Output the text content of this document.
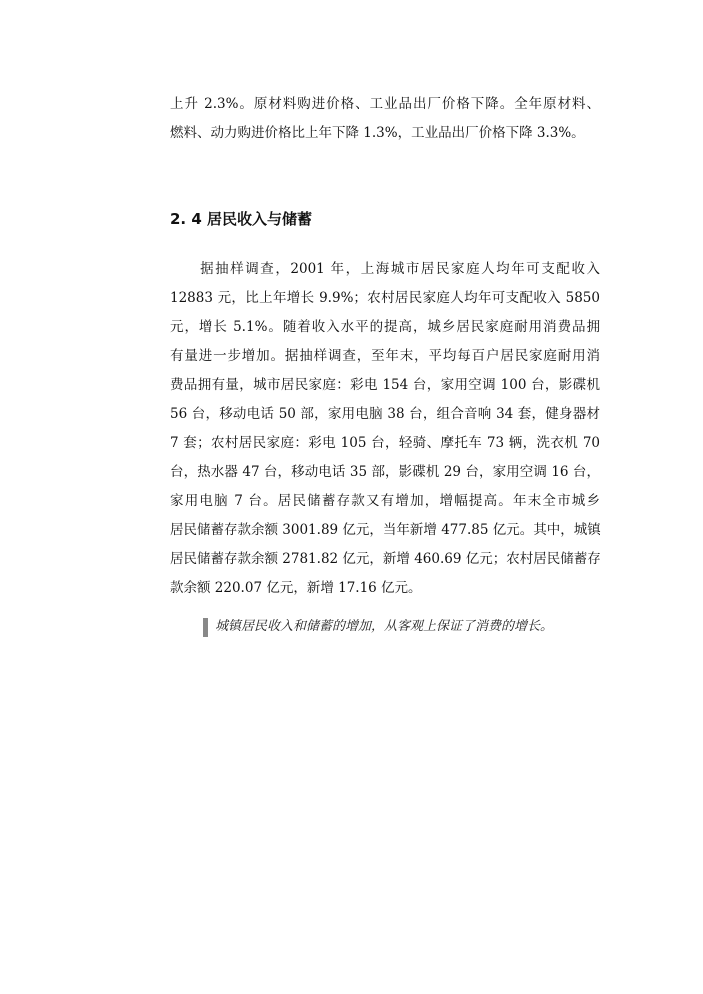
上升 2.3%。原材料购进价格、工业品出厂价格下降。全年原材料、
燃料、动力购进价格比上年下降 1.3%，工业品出厂价格下降 3.3%。
2. 4 居民收入与储蓄
　　据抽样调查，2001 年，上海城市居民家庭人均年可支配收入
12883 元，比上年增长 9.9%；农村居民家庭人均年可支配收入 5850
元，增长 5.1%。随着收入水平的提高，城乡居民家庭耐用消费品拥
有量进一步增加。据抽样调查，至年末，平均每百户居民家庭耐用消
费品拥有量，城市居民家庭：彩电 154 台，家用空调 100 台，影碟机
56 台，移动电话 50 部，家用电脑 38 台，组合音响 34 套，健身器材
7 套；农村居民家庭：彩电 105 台，轻骑、摩托车 73 辆，洗衣机 70
台，热水器 47 台，移动电话 35 部，影碟机 29 台，家用空调 16 台，
家用电脑 7 台。居民储蓄存款又有增加，增幅提高。年末全市城乡
居民储蓄存款余额 3001.89 亿元，当年新增 477.85 亿元。其中，城镇
居民储蓄存款余额 2781.82 亿元，新增 460.69 亿元；农村居民储蓄存
款余额 220.07 亿元，新增 17.16 亿元。
城镇居民收入和储蓄的增加，从客观上保证了消费的增长。
